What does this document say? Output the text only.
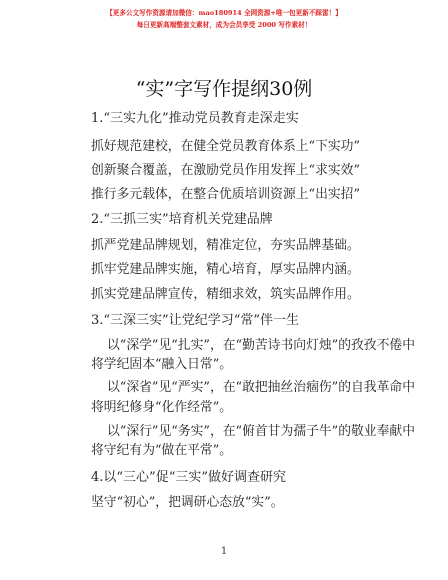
【更多公文写作资源请加微信：mao180914 全网资源+唯一包更新不踩雷！】
每日更新高端整套文素材，成为会员享受 2000 写作素材！
“实”字写作提纲30例
1.“三实九化”推动党员教育走深走实
抓好规范建校，在健全党员教育体系上“下实功”
创新聚合覆盖，在激励党员作用发挥上“求实效”
推行多元载体，在整合优质培训资源上“出实招”
2.“三抓三实”培育机关党建品牌
抓严党建品牌规划，精准定位，夯实品牌基础。
抓牢党建品牌实施，精心培育，厚实品牌内涵。
抓实党建品牌宣传，精细求效，筑实品牌作用。
3.“三深三实”让党纪学习“常”伴一生
以“深学”见“扎实”，在“勤苦诗书向灯烛”的孜孜不倦中
将学纪固本“融入日常”。
以“深省”见“严实”，在“敢把抽丝治痼伤”的自我革命中
将明纪修身“化作经常”。
以“深行”见“务实”，在“俯首甘为孺子牛”的敬业奉献中
将守纪有为“做在平常”。
4.以“三心”促“三实”做好调查研究
坚守“初心”，把调研心态放“实”。
1
